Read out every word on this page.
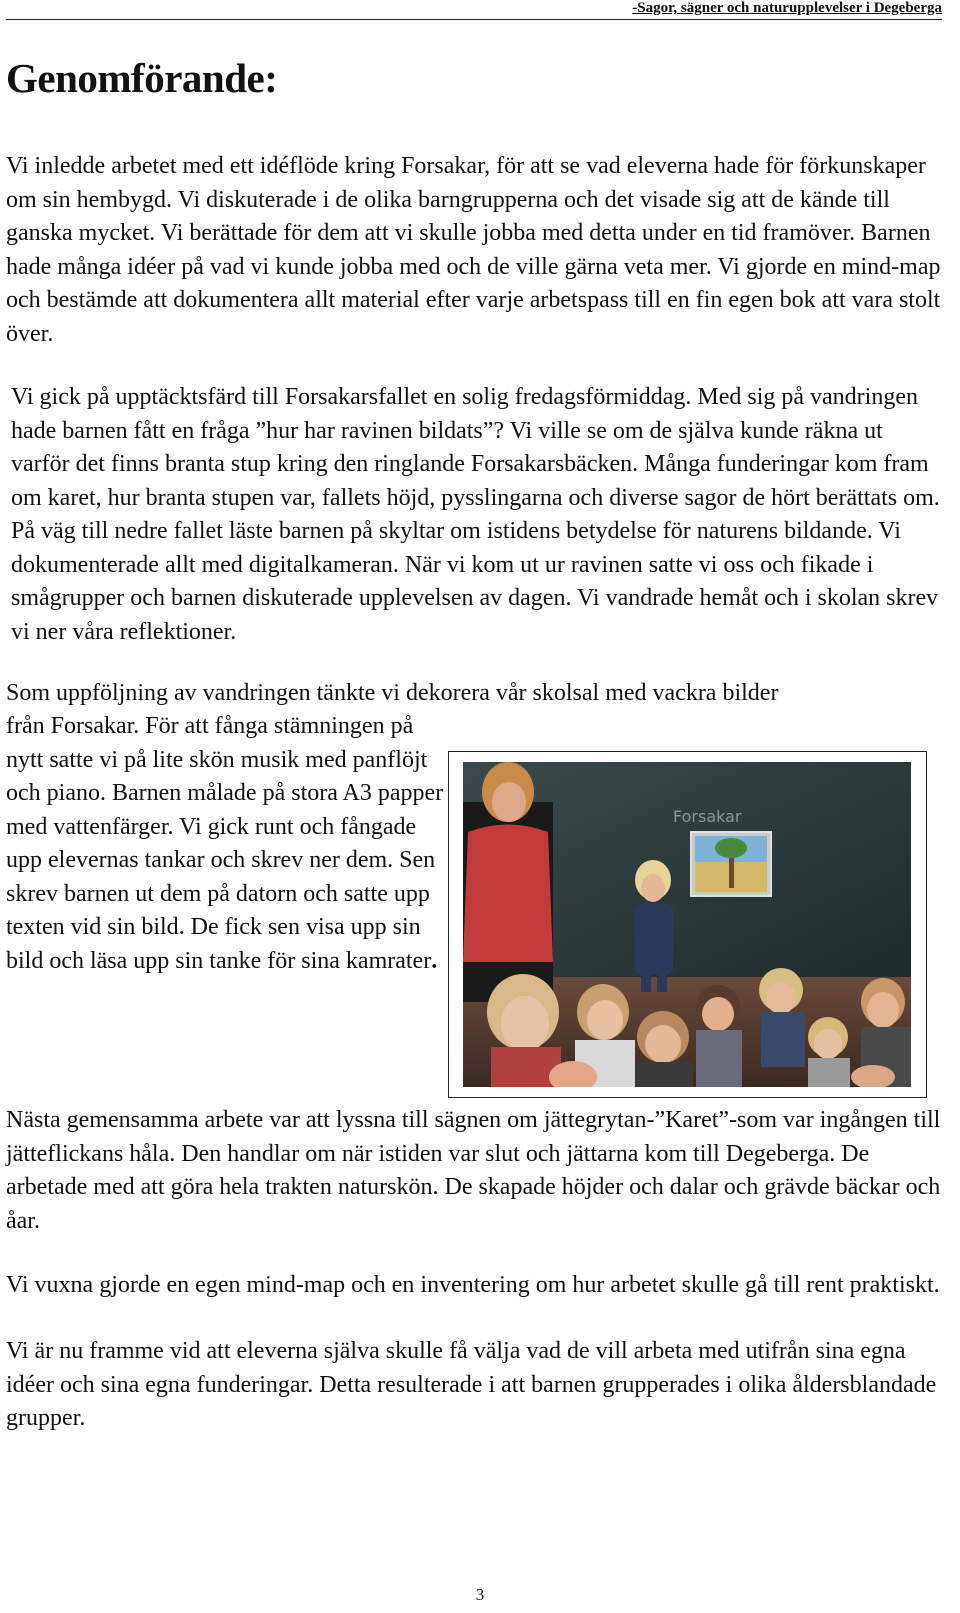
-Sagor, sägner och naturupplevelser i Degeberga
Genomförande:

Vi inledde arbetet med ett idéflöde kring Forsakar, för att se vad eleverna hade för förkunskaper om sin hembygd. Vi diskuterade i de olika barngrupperna och det visade sig att de kände till ganska mycket. Vi berättade för dem att vi skulle jobba med detta under en tid framöver. Barnen hade många idéer på vad vi kunde jobba med och de ville gärna veta mer. Vi gjorde en mind-map och bestämde att dokumentera allt material efter varje arbetspass till en fin egen bok att vara stolt över.

Vi gick på upptäcktsfärd till Forsakarsfallet en solig fredagsförmiddag. Med sig på vandringen hade barnen fått en fråga ”hur har ravinen bildats”? Vi ville se om de själva kunde räkna ut varför det finns branta stup kring den ringlande Forsakarsbäcken. Många funderingar kom fram om karet, hur branta stupen var, fallets höjd, pysslingarna och diverse sagor de hört berättats om. På väg till nedre fallet läste barnen på skyltar om istidens betydelse för naturens bildande. Vi dokumenterade allt med digitalkameran. När vi kom ut ur ravinen satte vi oss och fikade i smågrupper och barnen diskuterade upplevelsen av dagen. Vi vandrade hemåt och i skolan skrev vi ner våra reflektioner.

Som uppföljning av vandringen tänkte vi dekorera vår skolsal med vackra bilder

från Forsakar. För att fånga stämningen på nytt satte vi på lite skön musik med panflöjt och piano. Barnen målade på stora A3 papper med vattenfärger. Vi gick runt och fångade upp elevernas tankar och skrev ner dem. Sen skrev barnen ut dem på datorn och satte upp texten vid sin bild. De fick sen visa upp sin bild och läsa upp sin tanke för sina kamrater.

Forsakar

Nästa gemensamma arbete var att lyssna till sägnen om jättegrytan-”Karet”-som var ingången till jätteflickans håla. Den handlar om när istiden var slut och jättarna kom till Degeberga. De arbetade med att göra hela trakten naturskön. De skapade höjder och dalar och grävde bäckar och åar.

Vi vuxna gjorde en egen mind-map och en inventering om hur arbetet skulle gå till rent praktiskt.

Vi är nu framme vid att eleverna själva skulle få välja vad de vill arbeta med utifrån sina egna idéer och sina egna funderingar. Detta resulterade i att barnen grupperades i olika åldersblandade grupper.

3
